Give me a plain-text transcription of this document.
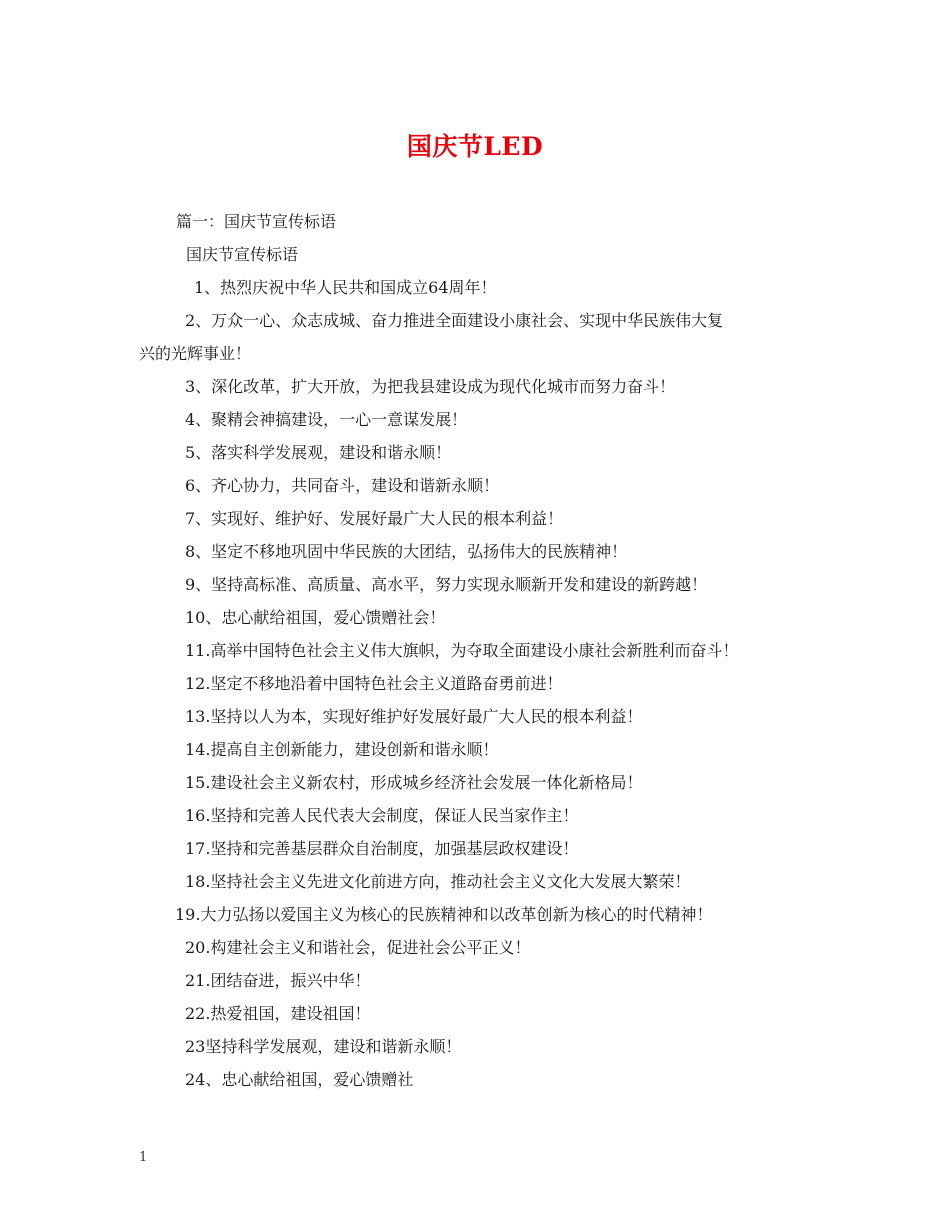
国庆节LED
篇一：国庆节宣传标语
国庆节宣传标语
1、热烈庆祝中华人民共和国成立64周年！
2、万众一心、众志成城、奋力推进全面建设小康社会、实现中华民族伟大复
兴的光辉事业！
3、深化改革，扩大开放，为把我县建设成为现代化城市而努力奋斗！
4、聚精会神搞建设，一心一意谋发展！
5、落实科学发展观，建设和谐永顺！
6、齐心协力，共同奋斗，建设和谐新永顺！
7、实现好、维护好、发展好最广大人民的根本利益！
8、坚定不移地巩固中华民族的大团结，弘扬伟大的民族精神！
9、坚持高标准、高质量、高水平，努力实现永顺新开发和建设的新跨越！
10、忠心献给祖国，爱心馈赠社会！
11.高举中国特色社会主义伟大旗帜，为夺取全面建设小康社会新胜利而奋斗！
12.坚定不移地沿着中国特色社会主义道路奋勇前进！
13.坚持以人为本，实现好维护好发展好最广大人民的根本利益！
14.提高自主创新能力，建设创新和谐永顺！
15.建设社会主义新农村，形成城乡经济社会发展一体化新格局！
16.坚持和完善人民代表大会制度，保证人民当家作主！
17.坚持和完善基层群众自治制度，加强基层政权建设！
18.坚持社会主义先进文化前进方向，推动社会主义文化大发展大繁荣！
19.大力弘扬以爱国主义为核心的民族精神和以改革创新为核心的时代精神！
20.构建社会主义和谐社会，促进社会公平正义！
21.团结奋进，振兴中华！
22.热爱祖国，建设祖国！
23坚持科学发展观，建设和谐新永顺！
24、忠心献给祖国，爱心馈赠社
1
